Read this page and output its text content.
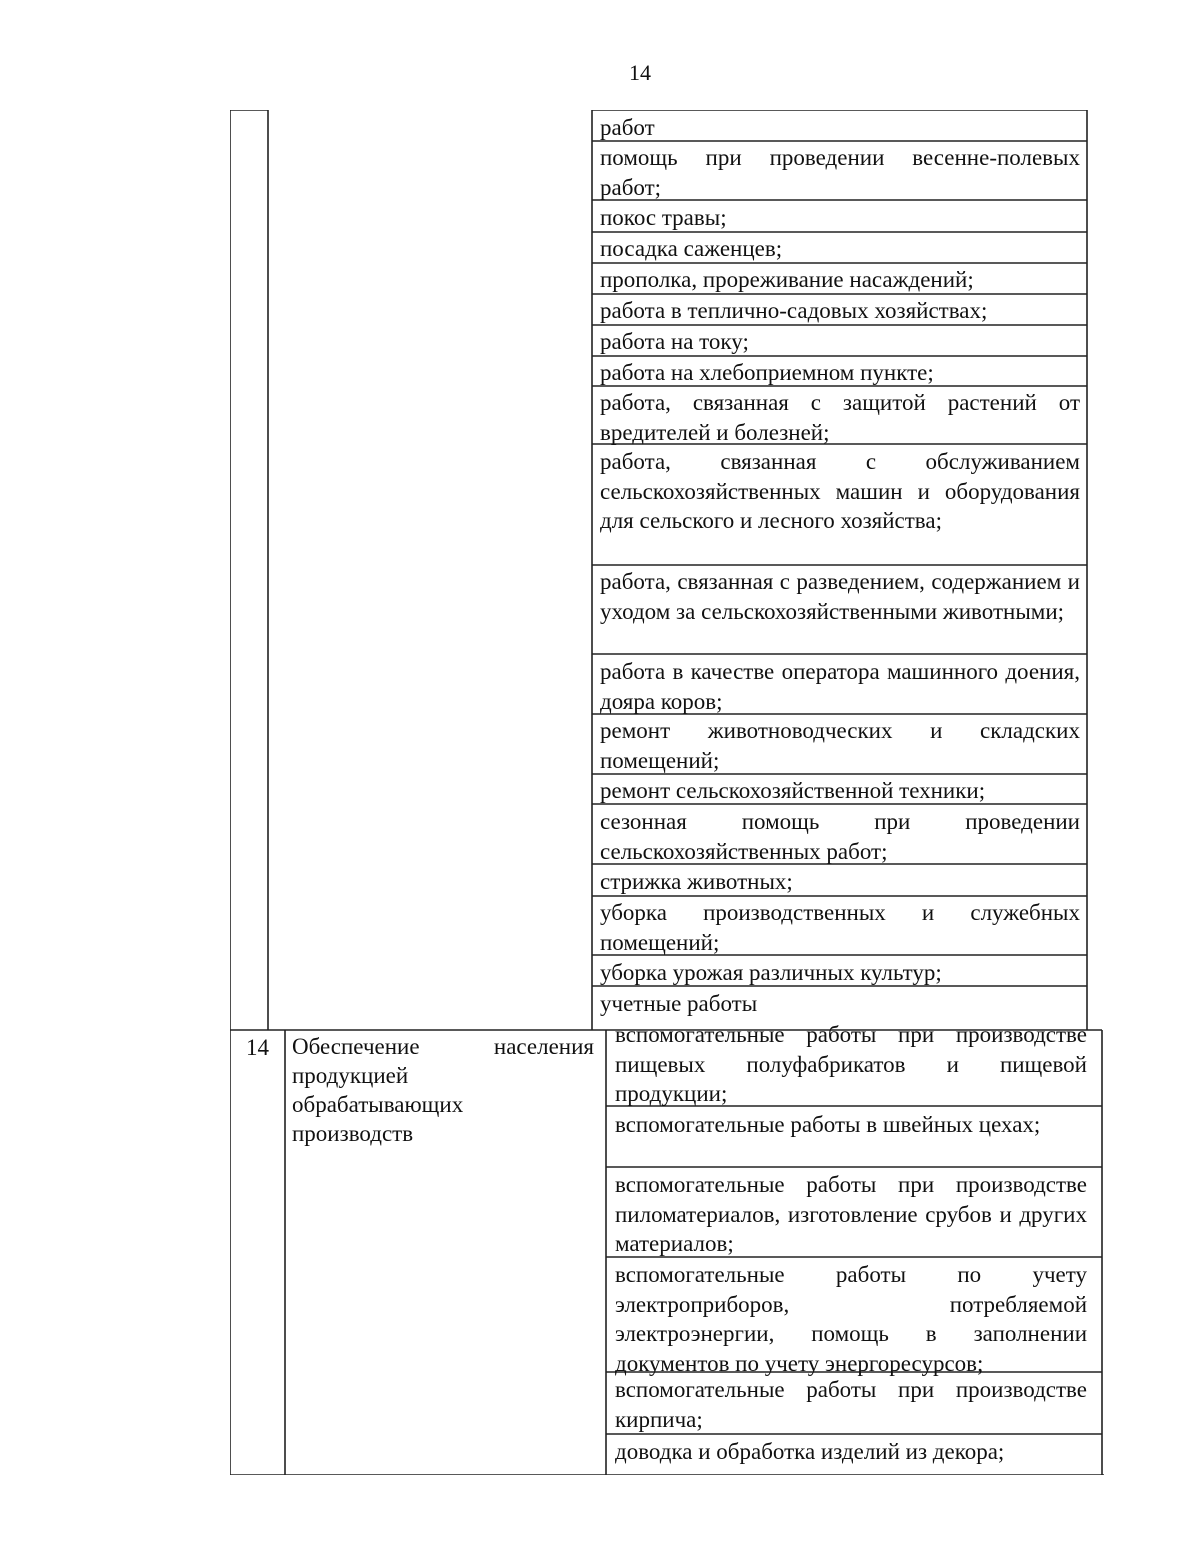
14
работ
помощь при проведении весенне-полевых работ;
покос травы;
посадка саженцев;
прополка, прореживание насаждений;
работа в теплично-садовых хозяйствах;
работа на току;
работа на хлебоприемном пункте;
работа, связанная с защитой растений от вредителей и болезней;
работа, связанная с обслуживанием сельскохозяйственных машин и оборудования для сельского и лесного хозяйства;
работа, связанная с разведением, содержанием и уходом за сельскохозяйственными животными;
работа в качестве оператора машинного доения, дояра коров;
ремонт животноводческих и складских помещений;
ремонт сельскохозяйственной техники;
сезонная помощь при проведении сельскохозяйственных работ;
стрижка животных;
уборка производственных и служебных помещений;
уборка урожая различных культур;
учетные работы
14	Обеспечение населения
продукцией
обрабатывающих
производств
вспомогательные работы при производстве пищевых полуфабрикатов и пищевой продукции;
вспомогательные работы в швейных цехах;
вспомогательные работы при производстве пиломатериалов, изготовление срубов и других материалов;
вспомогательные работы по учету электроприборов, потребляемой электроэнергии, помощь в заполнении документов по учету энергоресурсов;
вспомогательные работы при производстве кирпича;
доводка и обработка изделий из декора;
